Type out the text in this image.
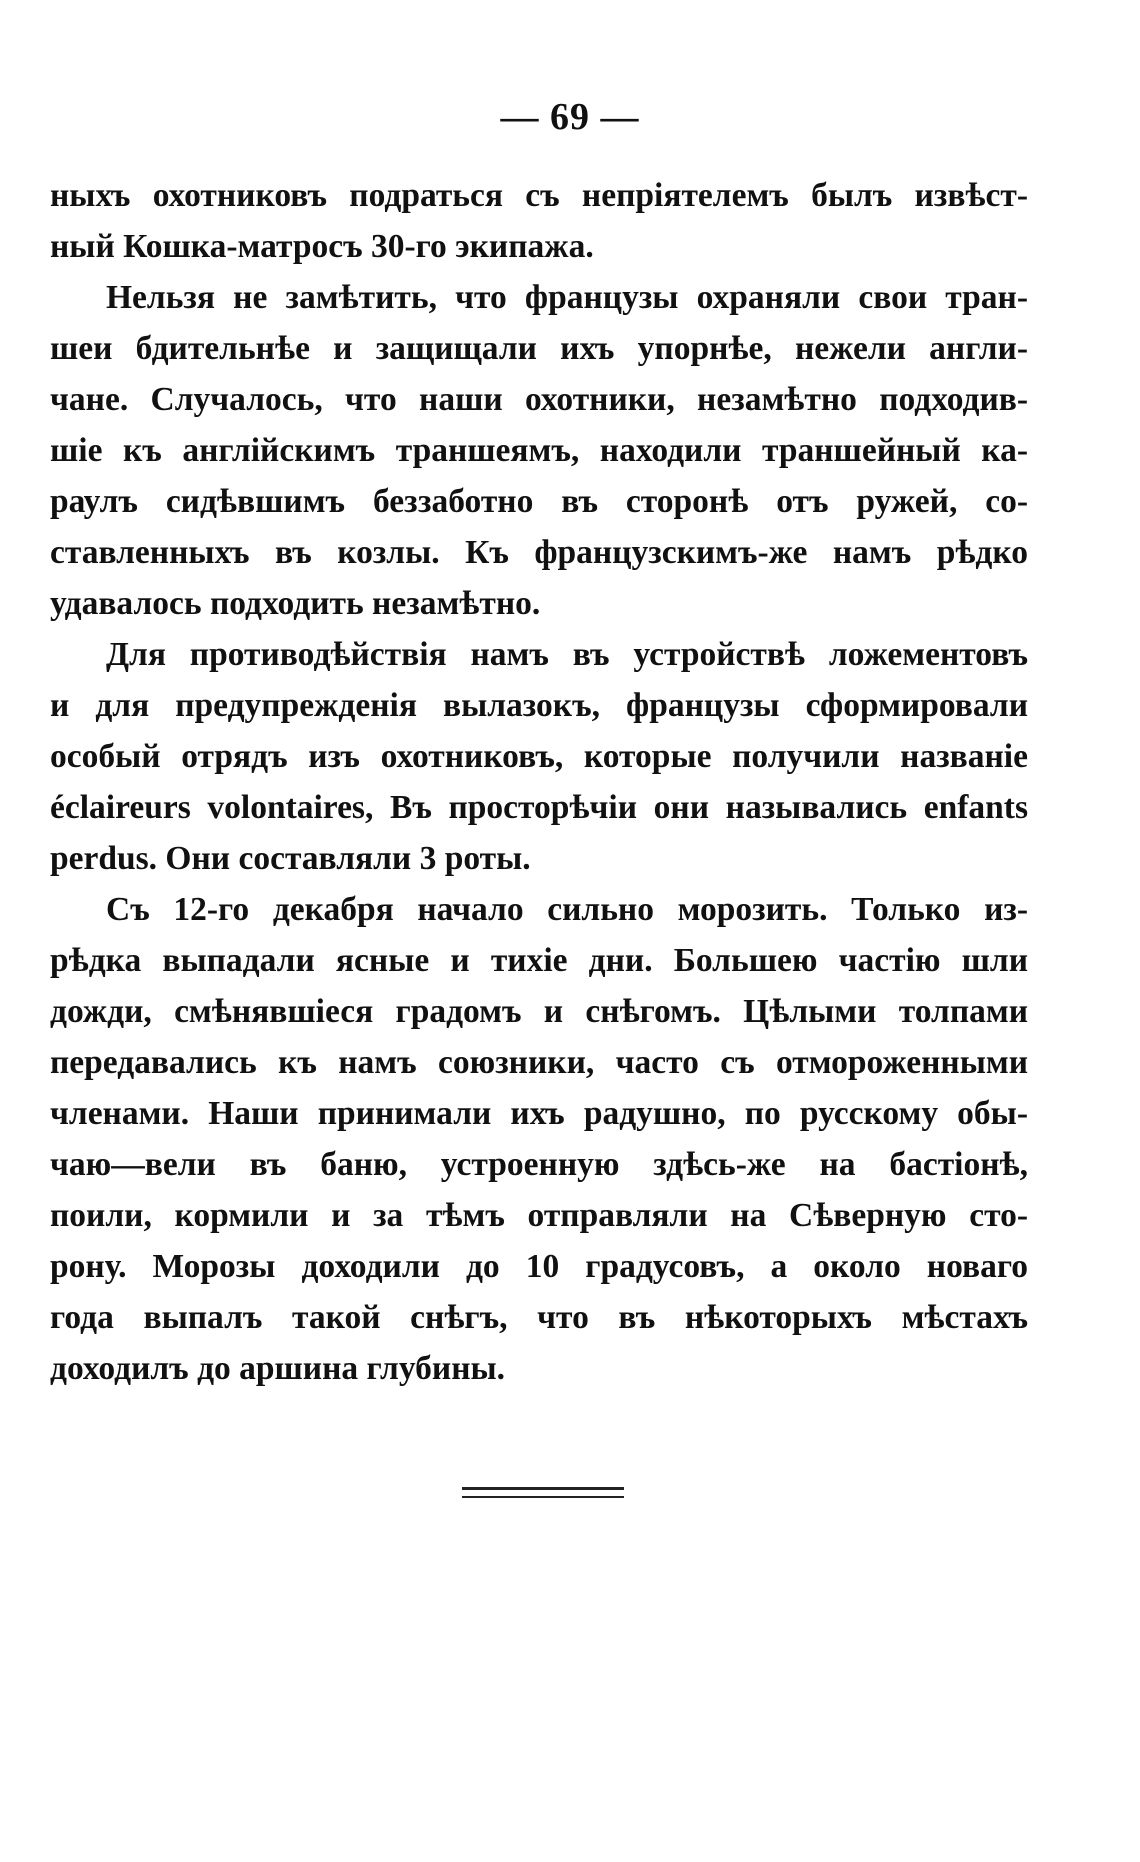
— 69 —
ныхъ охотниковъ подраться съ непріятелемъ былъ извѣст-
ный Кошка-матросъ 30-го экипажа.
Нельзя не замѣтить, что французы охраняли свои тран-
шеи бдительнѣе и защищали ихъ упорнѣе, нежели англи-
чане. Случалось, что наши охотники, незамѣтно подходив-
шіе къ англійскимъ траншеямъ, находили траншейный ка-
раулъ сидѣвшимъ беззаботно въ сторонѣ отъ ружей, со-
ставленныхъ въ козлы. Къ французскимъ-же намъ рѣдко
удавалось подходить незамѣтно.
Для противодѣйствія намъ въ устройствѣ ложементовъ
и для предупрежденія вылазокъ, французы сформировали
особый отрядъ изъ охотниковъ, которые получили названіе
éclaireurs volontaires, Въ просторѣчіи они назывались enfants
perdus. Они составляли 3 роты.
Съ 12-го декабря начало сильно морозить. Только из-
рѣдка выпадали ясные и тихіе дни. Большею частію шли
дожди, смѣнявшіеся градомъ и снѣгомъ. Цѣлыми толпами
передавались къ намъ союзники, часто съ отмороженными
членами. Наши принимали ихъ радушно, по русскому обы-
чаю—вели въ баню, устроенную здѣсь-же на бастіонѣ,
поили, кормили и за тѣмъ отправляли на Сѣверную сто-
рону. Морозы доходили до 10 градусовъ, а около новаго
года выпалъ такой снѣгъ, что въ нѣкоторыхъ мѣстахъ
доходилъ до аршина глубины.
